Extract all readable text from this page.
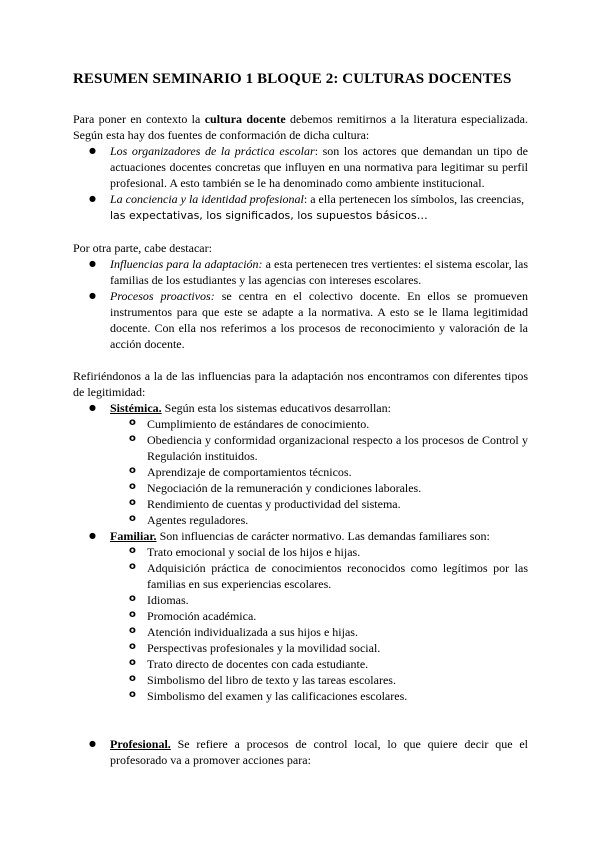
RESUMEN SEMINARIO 1 BLOQUE 2: CULTURAS DOCENTES

Para poner en contexto la cultura docente debemos remitirnos a la literatura especializada. Según esta hay dos fuentes de conformación de dicha cultura:

● Los organizadores de la práctica escolar: son los actores que demandan un tipo de actuaciones docentes concretas que influyen en una normativa para legitimar su perfil profesional. A esto también se le ha denominado como ambiente institucional.
● La conciencia y la identidad profesional: a ella pertenecen los símbolos, las creencias,
las expectativas, los significados, los supuestos básicos…

Por otra parte, cabe destacar:

● Influencias para la adaptación: a esta pertenecen tres vertientes: el sistema escolar, las familias de los estudiantes y las agencias con intereses escolares.
● Procesos proactivos: se centra en el colectivo docente. En ellos se promueven instrumentos para que este se adapte a la normativa. A esto se le llama legitimidad docente. Con ella nos referimos a los procesos de reconocimiento y valoración de la acción docente.

Refiriéndonos a la de las influencias para la adaptación nos encontramos con diferentes tipos de legitimidad:

● Sistémica. Según esta los sistemas educativos desarrollan:
o Cumplimiento de estándares de conocimiento.
o Obediencia y conformidad organizacional respecto a los procesos de Control y Regulación instituidos.
o Aprendizaje de comportamientos técnicos.
o Negociación de la remuneración y condiciones laborales.
o Rendimiento de cuentas y productividad del sistema.
o Agentes reguladores.
● Familiar. Son influencias de carácter normativo. Las demandas familiares son:
o Trato emocional y social de los hijos e hijas.
o Adquisición práctica de conocimientos reconocidos como legítimos por las familias en sus experiencias escolares.
o Idiomas.
o Promoción académica.
o Atención individualizada a sus hijos e hijas.
o Perspectivas profesionales y la movilidad social.
o Trato directo de docentes con cada estudiante.
o Simbolismo del libro de texto y las tareas escolares.
o Simbolismo del examen y las calificaciones escolares.
● Profesional. Se refiere a procesos de control local, lo que quiere decir que el profesorado va a promover acciones para:
